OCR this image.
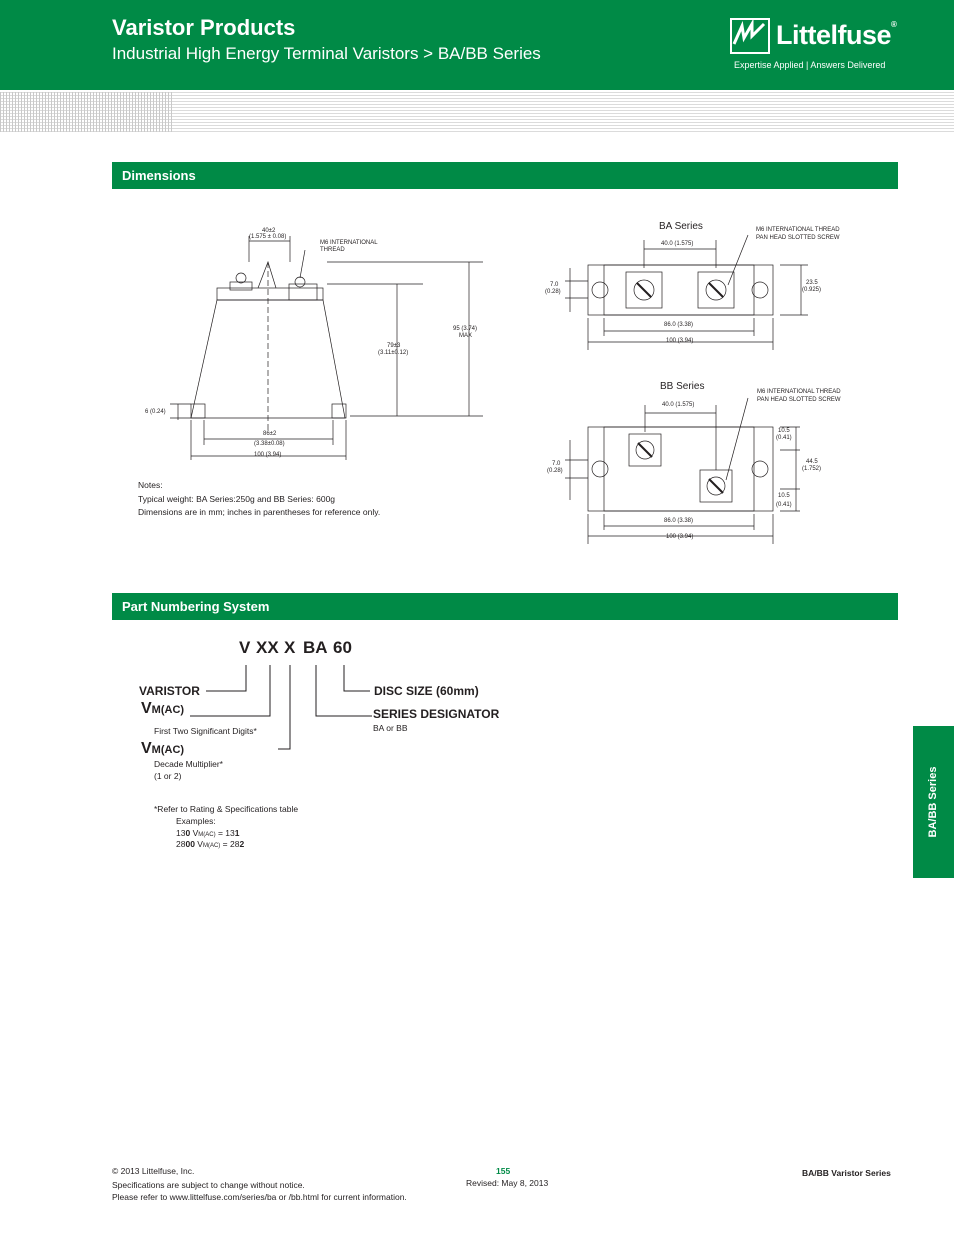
Varistor Products
Industrial High Energy Terminal Varistors > BA/BB Series
Littelfuse®
Expertise Applied | Answers Delivered
Dimensions
Part Numbering System
BA/BB Series
40±2
(1.575 ± 0.08)
M6 INTERNATIONAL
THREAD
79±3
(3.11±0.12)
95 (3.74)
MAX
6 (0.24)
86±2
(3.38±0.08)
100 (3.94)
Notes:
Typical weight: BA Series:250g and BB Series: 600g
Dimensions are in mm; inches in parentheses for reference only.
BA Series	M6 INTERNATIONAL THREAD
PAN HEAD SLOTTED SCREW
40.0 (1.575)
7.0
(0.28)
23.5
(0.925)
86.0 (3.38)
100 (3.94)
BB Series	M6 INTERNATIONAL THREAD
PAN HEAD SLOTTED SCREW
40.0 (1.575)
7.0
(0.28)
10.5
(0.41)
44.5
(1.752)
10.5
(0.41)
86.0 (3.38)
100 (3.94)
V XX X BA 60
VARISTOR
VM(AC)
First Two Significant Digits*
VM(AC)
Decade Multiplier*
(1 or 2)
DISC SIZE (60mm)
SERIES DESIGNATOR
BA or BB
*Refer to Rating & Specifications table
Examples:
130 VM(AC) = 131
2800 VM(AC) = 282
© 2013 Littelfuse, Inc.
Specifications are subject to change without notice.
Please refer to www.littelfuse.com/series/ba or /bb.html for current information.
155
Revised: May 8, 2013
BA/BB Varistor Series
